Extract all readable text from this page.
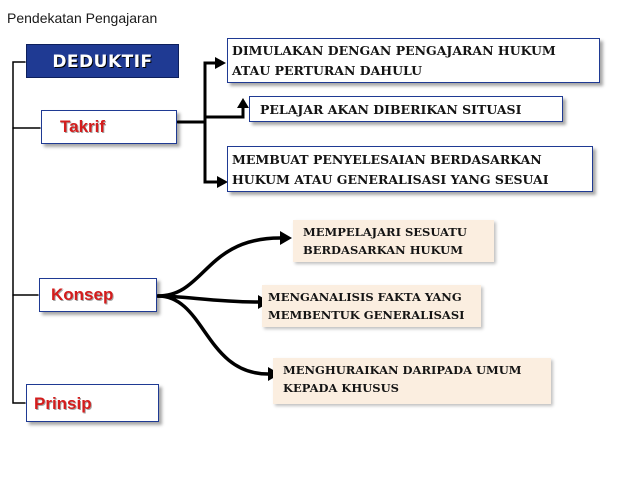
Pendekatan Pengajaran
DEDUKTIF
Takrif
Konsep
Prinsip
DIMULAKAN DENGAN PENGAJARAN HUKUM ATAU PERTURAN DAHULU
PELAJAR AKAN DIBERIKAN SITUASI
MEMBUAT PENYELESAIAN BERDASARKAN HUKUM ATAU GENERALISASI YANG SESUAI
MEMPELAJARI SESUATU BERDASARKAN HUKUM
MENGANALISIS FAKTA YANG MEMBENTUK GENERALISASI
MENGHURAIKAN DARIPADA UMUM KEPADA KHUSUS
